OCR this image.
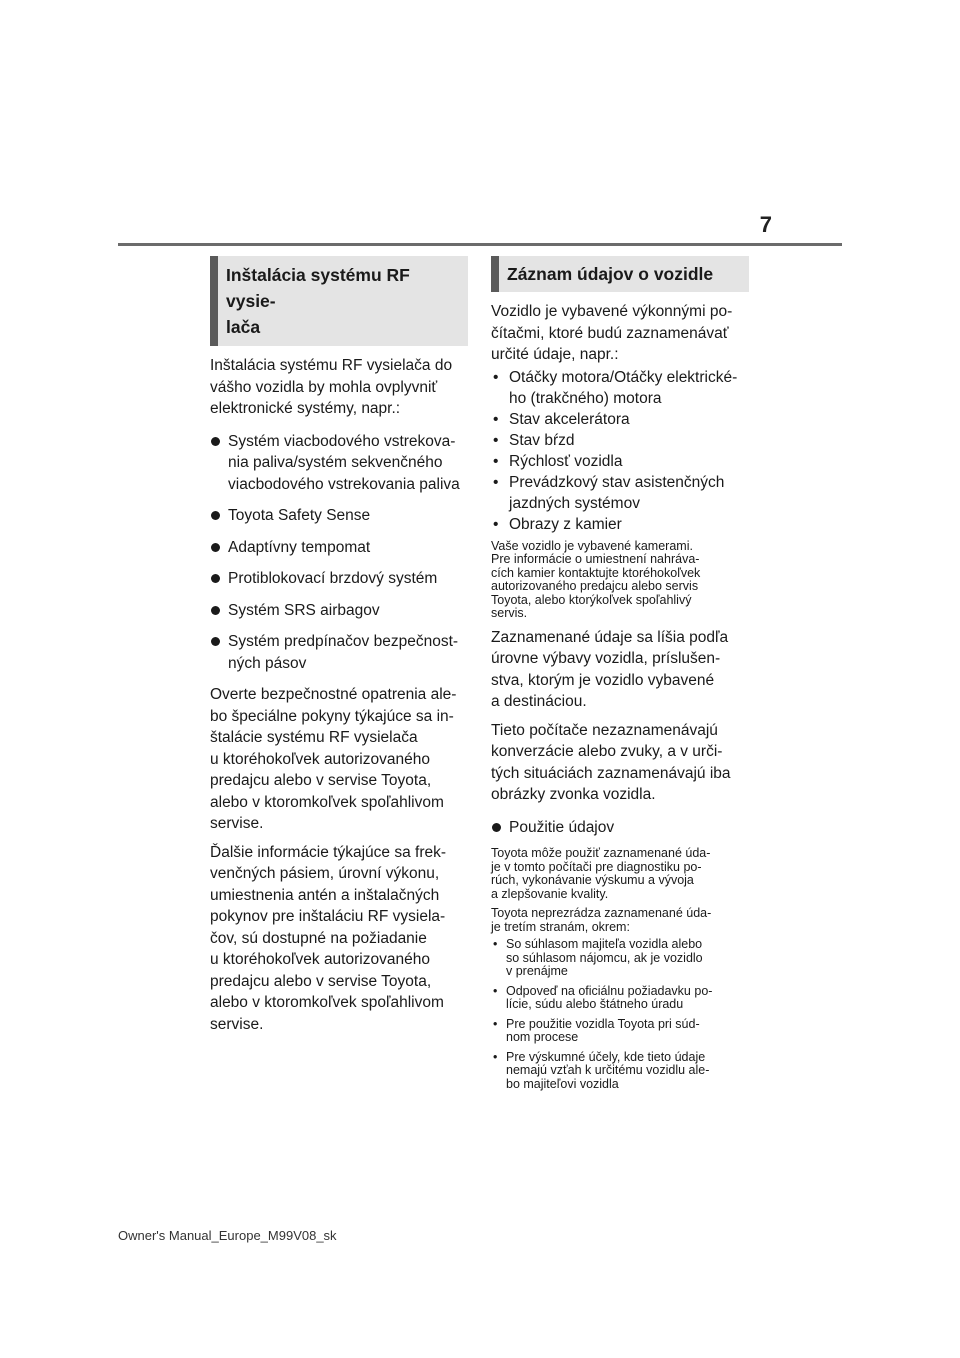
7
Inštalácia systému RF vysie-
lača

Inštalácia systému RF vysielača do
vášho vozidla by mohla ovplyvniť
elektronické systémy, napr.:

Systém viacbodového vstrekova-
nia paliva/systém sekvenčného
viacbodového vstrekovania paliva
Toyota Safety Sense
Adaptívny tempomat
Protiblokovací brzdový systém
Systém SRS airbagov
Systém predpínačov bezpečnost-
ných pásov

Overte bezpečnostné opatrenia ale-
bo špeciálne pokyny týkajúce sa in-
štalácie systému RF vysielača
u ktoréhokoľvek autorizovaného
predajcu alebo v servise Toyota,
alebo v ktoromkoľvek spoľahlivom
servise.

Ďalšie informácie týkajúce sa frek-
venčných pásiem, úrovní výkonu,
umiestnenia antén a inštalačných
pokynov pre inštaláciu RF vysiela-
čov, sú dostupné na požiadanie
u ktoréhokoľvek autorizovaného
predajcu alebo v servise Toyota,
alebo v ktoromkoľvek spoľahlivom
servise.

Záznam údajov o vozidle

Vozidlo je vybavené výkonnými po-
čítačmi, ktoré budú zaznamenávať
určité údaje, napr.:

• Otáčky motora/Otáčky elektrické-
ho (trakčného) motora
• Stav akcelerátora
• Stav bŕzd
• Rýchlosť vozidla
• Prevádzkový stav asistenčných
jazdných systémov
• Obrazy z kamier

Vaše vozidlo je vybavené kamerami.
Pre informácie o umiestnení nahráva-
cích kamier kontaktujte ktoréhokoľvek
autorizovaného predajcu alebo servis
Toyota, alebo ktorýkoľvek spoľahlivý
servis.

Zaznamenané údaje sa líšia podľa
úrovne výbavy vozidla, príslušen-
stva, ktorým je vozidlo vybavené
a destináciou.

Tieto počítače nezaznamenávajú
konverzácie alebo zvuky, a v urči-
tých situáciách zaznamenávajú iba
obrázky zvonka vozidla.

Použitie údajov

Toyota môže použiť zaznamenané úda-
je v tomto počítači pre diagnostiku po-
rúch, vykonávanie výskumu a vývoja
a zlepšovanie kvality.

Toyota neprezrádza zaznamenané úda-
je tretím stranám, okrem:

• So súhlasom majiteľa vozidla alebo
so súhlasom nájomcu, ak je vozidlo
v prenájme
• Odpoveď na oficiálnu požiadavku po-
lície, súdu alebo štátneho úradu
• Pre použitie vozidla Toyota pri súd-
nom procese
• Pre výskumné účely, kde tieto údaje
nemajú vzťah k určitému vozidlu ale-
bo majiteľovi vozidla
Owner's Manual_Europe_M99V08_sk
